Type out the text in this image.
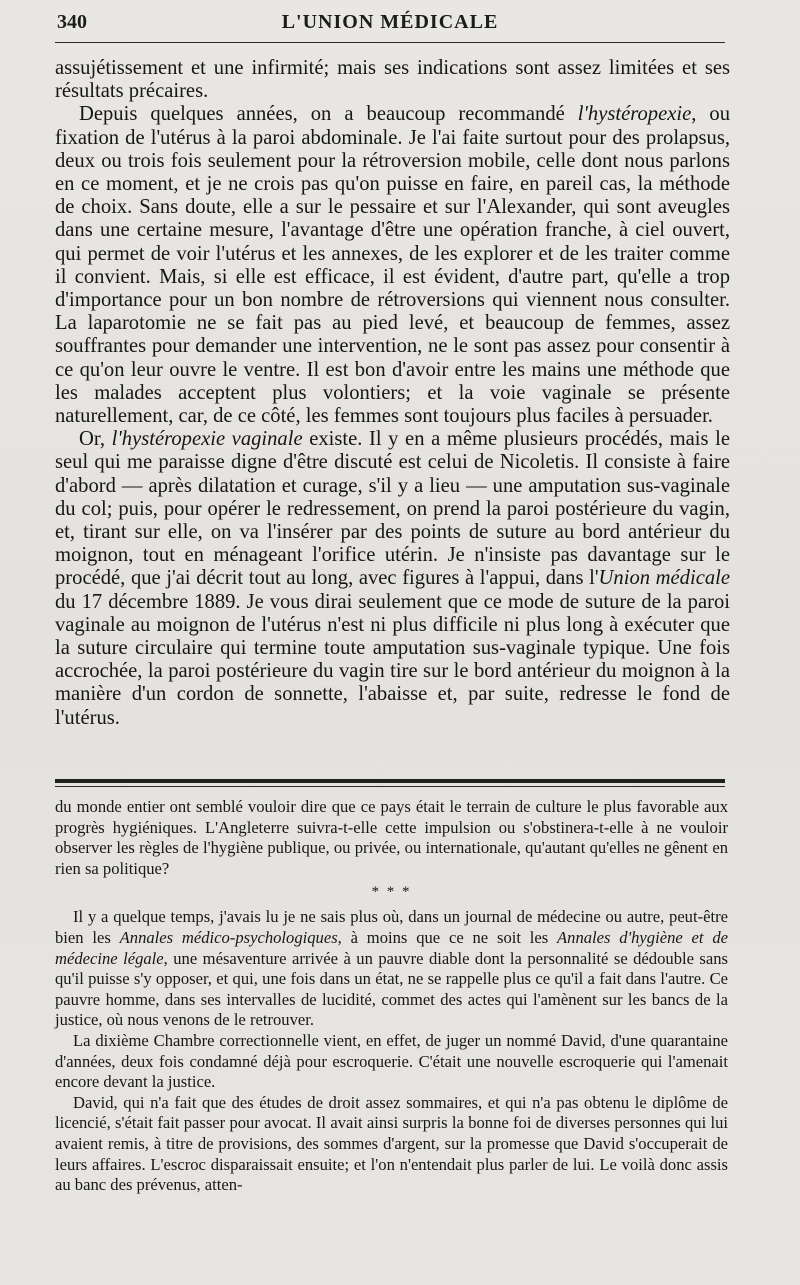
340	L'UNION MÉDICALE

assujétissement et une infirmité; mais ses indications sont assez limitées et ses résultats précaires.

Depuis quelques années, on a beaucoup recommandé l'hystéropexie, ou fixation de l'utérus à la paroi abdominale. Je l'ai faite surtout pour des prolapsus, deux ou trois fois seulement pour la rétroversion mobile, celle dont nous parlons en ce moment, et je ne crois pas qu'on puisse en faire, en pareil cas, la méthode de choix. Sans doute, elle a sur le pessaire et sur l'Alexander, qui sont aveugles dans une certaine mesure, l'avantage d'être une opération franche, à ciel ouvert, qui permet de voir l'utérus et les annexes, de les explorer et de les traiter comme il convient. Mais, si elle est efficace, il est évident, d'autre part, qu'elle a trop d'importance pour un bon nombre de rétroversions qui viennent nous consulter. La laparotomie ne se fait pas au pied levé, et beaucoup de femmes, assez souffrantes pour demander une intervention, ne le sont pas assez pour consentir à ce qu'on leur ouvre le ventre. Il est bon d'avoir entre les mains une méthode que les malades acceptent plus volontiers; et la voie vaginale se présente naturellement, car, de ce côté, les femmes sont toujours plus faciles à persuader.

Or, l'hystéropexie vaginale existe. Il y en a même plusieurs procédés, mais le seul qui me paraisse digne d'être discuté est celui de Nicoletis. Il consiste à faire d'abord — après dilatation et curage, s'il y a lieu — une amputation sus-vaginale du col; puis, pour opérer le redressement, on prend la paroi postérieure du vagin, et, tirant sur elle, on va l'insérer par des points de suture au bord antérieur du moignon, tout en ménageant l'orifice utérin. Je n'insiste pas davantage sur le procédé, que j'ai décrit tout au long, avec figures à l'appui, dans l'Union médicale du 17 décembre 1889. Je vous dirai seulement que ce mode de suture de la paroi vaginale au moignon de l'utérus n'est ni plus difficile ni plus long à exécuter que la suture circulaire qui termine toute amputation sus-vaginale typique. Une fois accrochée, la paroi postérieure du vagin tire sur le bord antérieur du moignon à la manière d'un cordon de sonnette, l'abaisse et, par suite, redresse le fond de l'utérus.

du monde entier ont semblé vouloir dire que ce pays était le terrain de culture le plus favorable aux progrès hygiéniques. L'Angleterre suivra-t-elle cette impulsion ou s'obstinera-t-elle à ne vouloir observer les règles de l'hygiène publique, ou privée, ou internationale, qu'autant qu'elles ne gênent en rien sa politique?

* * *

Il y a quelque temps, j'avais lu je ne sais plus où, dans un journal de médecine ou autre, peut-être bien les Annales médico-psychologiques, à moins que ce ne soit les Annales d'hygiène et de médecine légale, une mésaventure arrivée à un pauvre diable dont la personnalité se dédouble sans qu'il puisse s'y opposer, et qui, une fois dans un état, ne se rappelle plus ce qu'il a fait dans l'autre. Ce pauvre homme, dans ses intervalles de lucidité, commet des actes qui l'amènent sur les bancs de la justice, où nous venons de le retrouver.

La dixième Chambre correctionnelle vient, en effet, de juger un nommé David, d'une quarantaine d'années, deux fois condamné déjà pour escroquerie. C'était une nouvelle escroquerie qui l'amenait encore devant la justice.

David, qui n'a fait que des études de droit assez sommaires, et qui n'a pas obtenu le diplôme de licencié, s'était fait passer pour avocat. Il avait ainsi surpris la bonne foi de diverses personnes qui lui avaient remis, à titre de provisions, des sommes d'argent, sur la promesse que David s'occuperait de leurs affaires. L'escroc disparaissait ensuite; et l'on n'entendait plus parler de lui. Le voilà donc assis au banc des prévenus, atten-
